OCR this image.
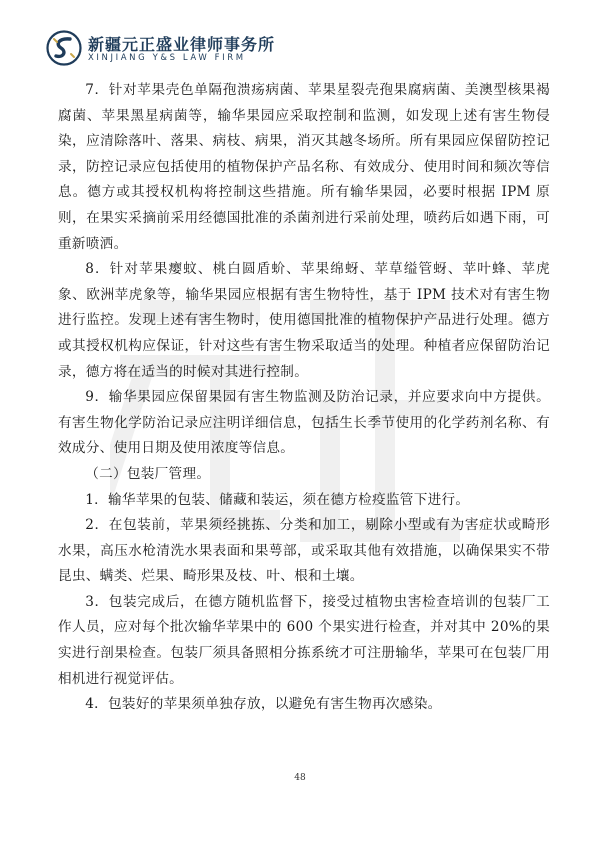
新疆元正盛业律师事务所
XINJIANG Y&S LAW FIRM

7．针对苹果壳色单隔孢溃疡病菌、苹果星裂壳孢果腐病菌、美澳型核果褐腐菌、苹果黑星病菌等，输华果园应采取控制和监测，如发现上述有害生物侵染，应清除落叶、落果、病枝、病果，消灭其越冬场所。所有果园应保留防控记录，防控记录应包括使用的植物保护产品名称、有效成分、使用时间和频次等信息。德方或其授权机构将控制这些措施。所有输华果园，必要时根据 IPM 原则，在果实采摘前采用经德国批准的杀菌剂进行采前处理，喷药后如遇下雨，可重新喷洒。

8．针对苹果瘿蚊、桃白圆盾蚧、苹果绵蚜、苹草缢管蚜、苹叶蜂、苹虎象、欧洲苹虎象等，输华果园应根据有害生物特性，基于 IPM 技术对有害生物进行监控。发现上述有害生物时，使用德国批准的植物保护产品进行处理。德方或其授权机构应保证，针对这些有害生物采取适当的处理。种植者应保留防治记录，德方将在适当的时候对其进行控制。

9．输华果园应保留果园有害生物监测及防治记录，并应要求向中方提供。有害生物化学防治记录应注明详细信息，包括生长季节使用的化学药剂名称、有效成分、使用日期及使用浓度等信息。

（二）包装厂管理。

1．输华苹果的包装、储藏和装运，须在德方检疫监管下进行。

2．在包装前，苹果须经挑拣、分类和加工，剔除小型或有为害症状或畸形水果，高压水枪清洗水果表面和果萼部，或采取其他有效措施，以确保果实不带昆虫、螨类、烂果、畸形果及枝、叶、根和土壤。

3．包装完成后，在德方随机监督下，接受过植物虫害检查培训的包装厂工作人员，应对每个批次输华苹果中的 600 个果实进行检查，并对其中 20%的果实进行剖果检查。包装厂须具备照相分拣系统才可注册输华，苹果可在包装厂用相机进行视觉评估。

4．包装好的苹果须单独存放，以避免有害生物再次感染。

48
